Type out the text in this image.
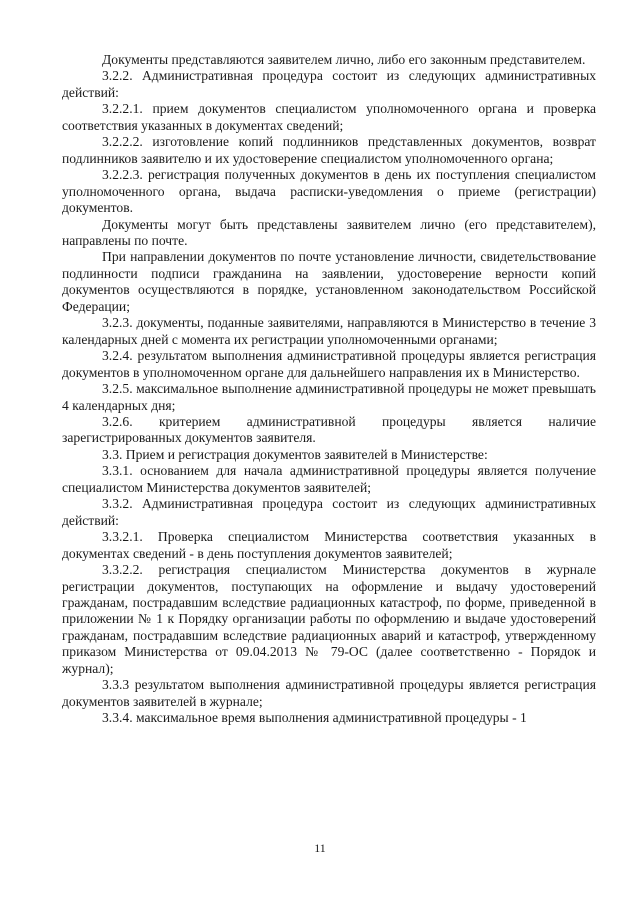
Документы представляются заявителем лично, либо его законным представителем.

3.2.2. Административная процедура состоит из следующих административных действий:

3.2.2.1. прием документов специалистом уполномоченного органа и проверка соответствия указанных в документах сведений;

3.2.2.2. изготовление копий подлинников представленных документов, возврат подлинников заявителю и их удостоверение специалистом уполномоченного органа;

3.2.2.3. регистрация полученных документов в день их поступления специалистом уполномоченного органа, выдача расписки-уведомления о приеме (регистрации) документов.

Документы могут быть представлены заявителем лично (его представителем), направлены по почте.

При направлении документов по почте установление личности, свидетельствование подлинности подписи гражданина на заявлении, удостоверение верности копий документов осуществляются в порядке, установленном законодательством Российской Федерации;

3.2.3. документы, поданные заявителями, направляются в Министерство в течение 3 календарных дней с момента их регистрации уполномоченными органами;

3.2.4. результатом выполнения административной процедуры является регистрация документов в уполномоченном органе для дальнейшего направления их в Министерство.

3.2.5. максимальное выполнение административной процедуры не может превышать 4 календарных дня;

3.2.6. критерием административной процедуры является наличие зарегистрированных документов заявителя.

3.3. Прием и регистрация документов заявителей в Министерстве:

3.3.1. основанием для начала административной процедуры является получение специалистом Министерства документов заявителей;

3.3.2. Административная процедура состоит из следующих административных действий:

3.3.2.1. Проверка специалистом Министерства соответствия указанных в документах сведений - в день поступления документов заявителей;

3.3.2.2. регистрация специалистом Министерства документов в журнале регистрации документов, поступающих на оформление и выдачу удостоверений гражданам, пострадавшим вследствие радиационных катастроф, по форме, приведенной в приложении № 1 к Порядку организации работы по оформлению и выдаче удостоверений гражданам, пострадавшим вследствие радиационных аварий и катастроф, утвержденному приказом Министерства от 09.04.2013 № 79-ОС (далее соответственно - Порядок и журнал);

3.3.3 результатом выполнения административной процедуры является регистрация документов заявителей в журнале;

3.3.4. максимальное время выполнения административной процедуры - 1

11
